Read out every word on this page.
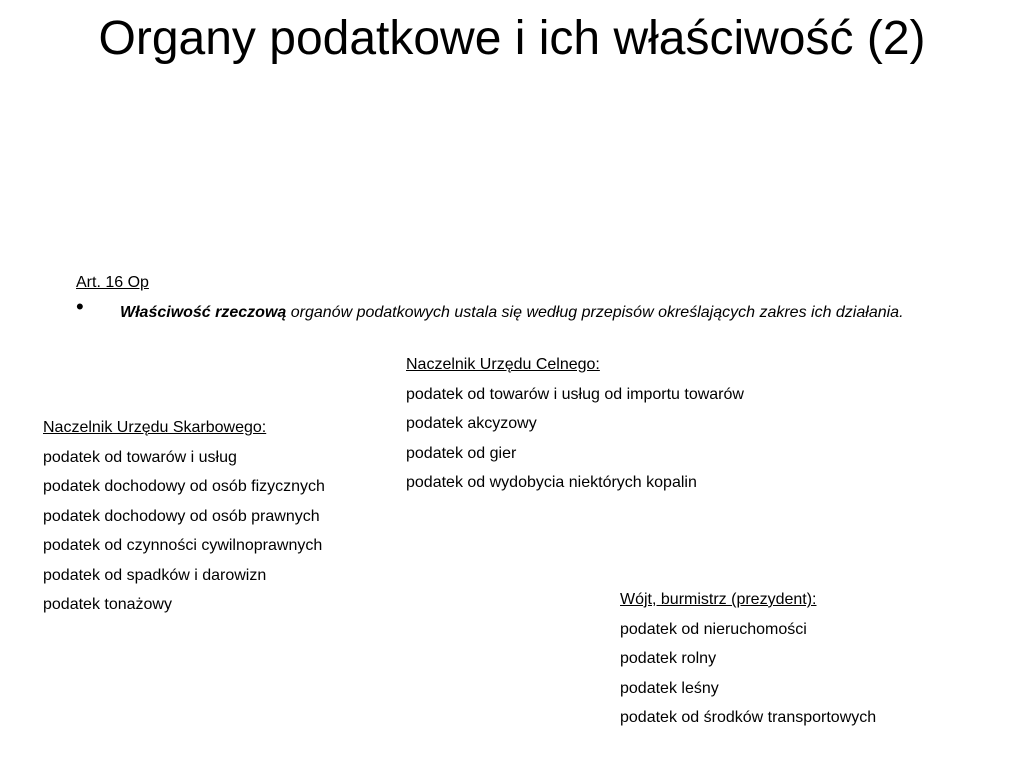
Organy podatkowe i ich właściwość (2)
Art. 16 Op
• Właściwość rzeczową organów podatkowych ustala się według przepisów określających zakres ich działania.
Naczelnik Urzędu Celnego:
podatek od towarów i usług od importu towarów
podatek akcyzowy
podatek od gier
podatek od wydobycia niektórych kopalin
Naczelnik Urzędu Skarbowego:
podatek od towarów i usług
podatek dochodowy od osób fizycznych
podatek dochodowy od osób prawnych
podatek od czynności cywilnoprawnych
podatek od spadków i darowizn
podatek tonażowy	Wójt, burmistrz (prezydent):
podatek od nieruchomości
podatek rolny
podatek leśny
podatek od środków transportowych
